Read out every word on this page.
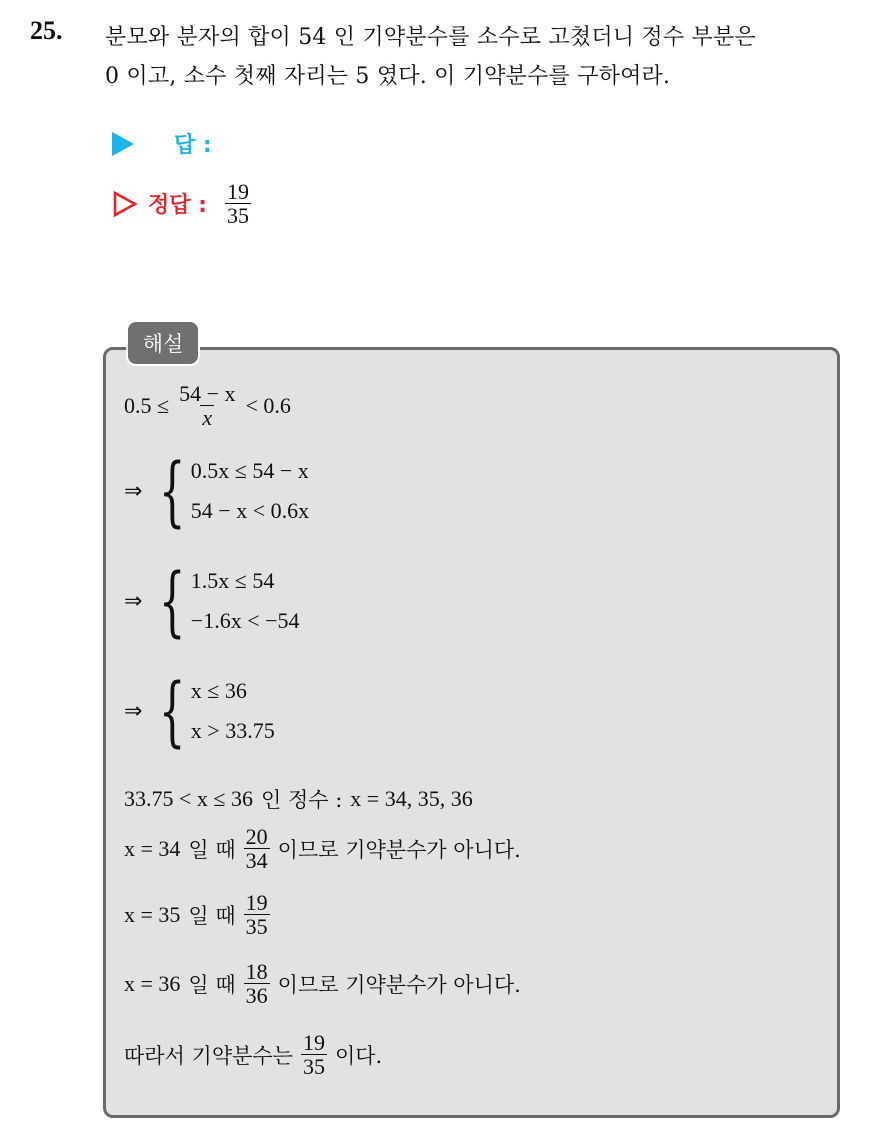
25. 분모와 분자의 합이 54 인 기약분수를 소수로 고쳤더니 정수 부분은
0 이고, 소수 첫째 자리는 5 였다. 이 기약분수를 구하여라.
답 :
정답 : $\frac{19}{35}$
해설
$0.5 \le \frac{54 - x}{x} < 0.6$
⇒ { 0.5x ≤ 54 − x
54 − x < 0.6x
⇒ { 1.5x ≤ 54
−1.6x < −54
⇒ { x ≤ 36
x > 33.75
33.75 < x ≤ 36 인 정수 : x = 34, 35, 36
x = 34 일 때 $\frac{20}{34}$ 이므로 기약분수가 아니다.
x = 35 일 때 $\frac{19}{35}$
x = 36 일 때 $\frac{18}{36}$ 이므로 기약분수가 아니다.
따라서 기약분수는 $\frac{19}{35}$ 이다.
